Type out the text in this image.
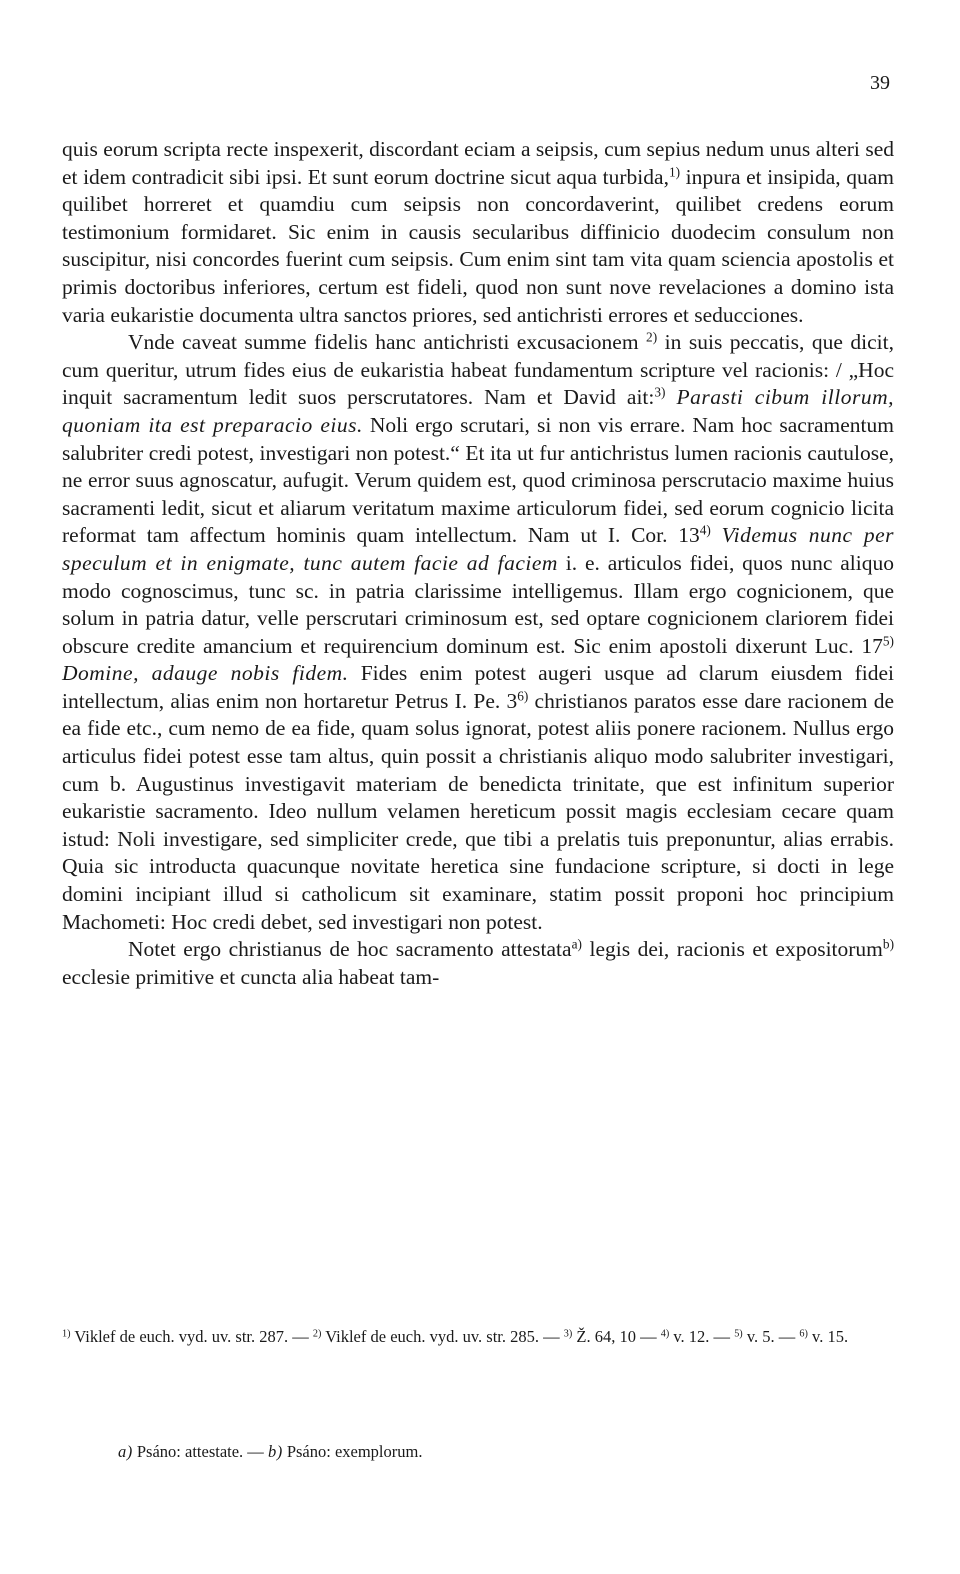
39

quis eorum scripta recte inspexerit, discordant eciam a seipsis, cum sepius nedum unus alteri sed et idem contradicit sibi ipsi. Et sunt eorum doctrine sicut aqua turbida,$^{1)}$ inpura et insipida, quam quilibet horreret et quamdiu cum seipsis non concordaverint, quilibet credens eorum testimonium formidaret. Sic enim in causis secularibus diffinicio duodecim consulum non suscipitur, nisi concordes fuerint cum seipsis. Cum enim sint tam vita quam sciencia apostolis et primis doctoribus inferiores, certum est fideli, quod non sunt nove revelaciones a domino ista varia eukaristie documenta ultra sanctos priores, sed antichristi errores et seducciones.

Vnde caveat summe fidelis hanc antichristi excusacionem $^{2)}$ in suis peccatis, que dicit, cum queritur, utrum fides eius de eukaristia habeat fundamentum scripture vel racionis: / „Hoc inquit sacramentum ledit suos perscrutatores. Nam et David ait:$^{3)}$ Parasti cibum illorum, quoniam ita est preparacio eius. Noli ergo scrutari, si non vis errare. Nam hoc sacramentum salubriter credi potest, investigari non potest.“ Et ita ut fur antichristus lumen racionis cautulose, ne error suus agnoscatur, aufugit. Verum quidem est, quod criminosa perscrutacio maxime huius sacramenti ledit, sicut et aliarum veritatum maxime articulorum fidei, sed eorum cognicio licita reformat tam affectum hominis quam intellectum. Nam ut I. Cor. 13$^{4)}$ Videmus nunc per speculum et in enigmate, tunc autem facie ad faciem i. e. articulos fidei, quos nunc aliquo modo cognoscimus, tunc sc. in patria clarissime intelligemus. Illam ergo cognicionem, que solum in patria datur, velle perscrutari criminosum est, sed optare cognicionem clariorem fidei obscure credite amancium et requirencium dominum est. Sic enim apostoli dixerunt Luc. 17$^{5)}$ Domine, adauge nobis fidem. Fides enim potest augeri usque ad clarum eiusdem fidei intellectum, alias enim non hortaretur Petrus I. Pe. 3$^{6)}$ christianos paratos esse dare racionem de ea fide etc., cum nemo de ea fide, quam solus ignorat, potest aliis ponere racionem. Nullus ergo articulus fidei potest esse tam altus, quin possit a christianis aliquo modo salubriter investigari, cum b. Augustinus investigavit materiam de benedicta trinitate, que est infinitum superior eukaristie sacramento. Ideo nullum velamen hereticum possit magis ecclesiam cecare quam istud: Noli investigare, sed simpliciter crede, que tibi a prelatis tuis preponuntur, alias errabis. Quia sic introducta quacunque novitate heretica sine fundacione scripture, si docti in lege domini incipiant illud si catholicum sit examinare, statim possit proponi hoc principium Machometi: Hoc credi debet, sed investigari non potest.

Notet ergo christianus de hoc sacramento attestata$^{a)}$ legis dei, racionis et expositorum$^{b)}$ ecclesie primitive et cuncta alia habeat tam-

$^{1)}$ Viklef de euch. vyd. uv. str. 287. — $^{2)}$ Viklef de euch. vyd. uv. str. 285. — $^{3)}$ Ž. 64, 10 — $^{4)}$ v. 12. — $^{5)}$ v. 5. — $^{6)}$ v. 15.
a) Psáno: attestate. — b) Psáno: exemplorum.
